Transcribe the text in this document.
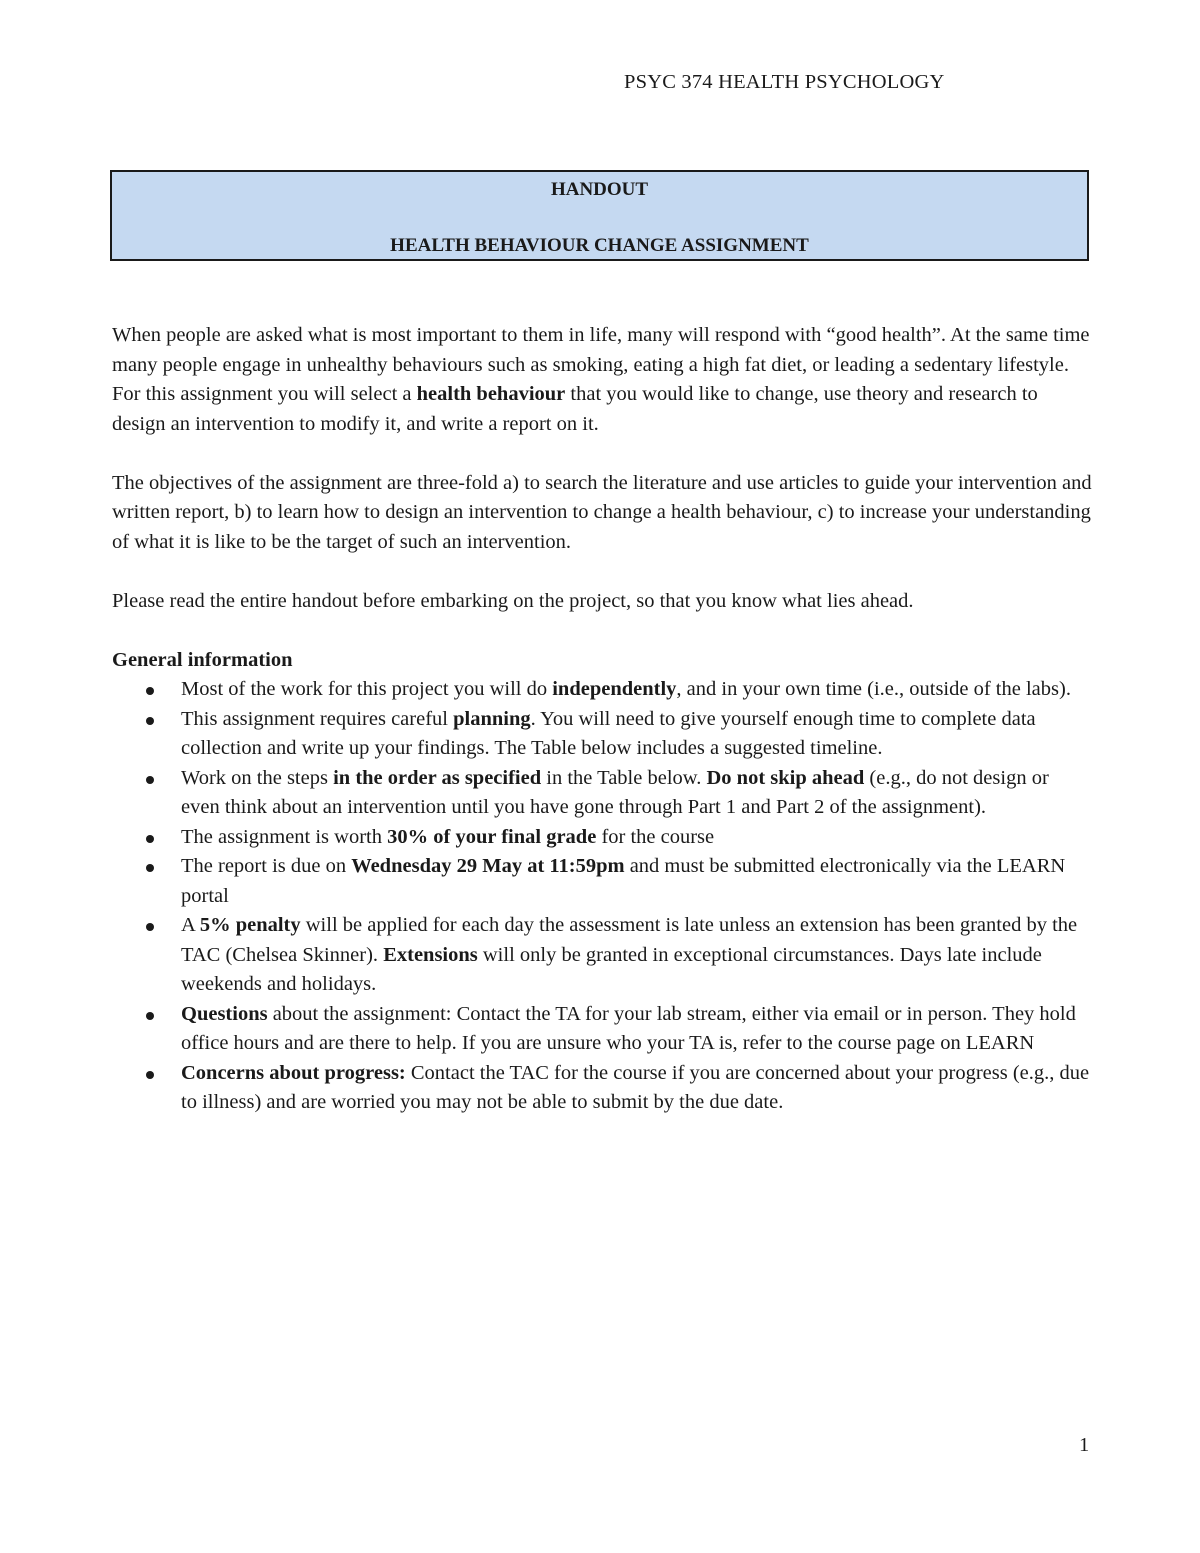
PSYC 374 HEALTH PSYCHOLOGY
HANDOUT
HEALTH BEHAVIOUR CHANGE ASSIGNMENT

When people are asked what is most important to them in life, many will respond with “good health”. At the same time many people engage in unhealthy behaviours such as smoking, eating a high fat diet, or leading a sedentary lifestyle. For this assignment you will select a health behaviour that you would like to change, use theory and research to design an intervention to modify it, and write a report on it.

The objectives of the assignment are three-fold a) to search the literature and use articles to guide your intervention and written report, b) to learn how to design an intervention to change a health behaviour, c) to increase your understanding of what it is like to be the target of such an intervention.

Please read the entire handout before embarking on the project, so that you know what lies ahead.

General information
Most of the work for this project you will do independently, and in your own time (i.e., outside of the labs).
This assignment requires careful planning. You will need to give yourself enough time to complete data collection and write up your findings. The Table below includes a suggested timeline.
Work on the steps in the order as specified in the Table below. Do not skip ahead (e.g., do not design or even think about an intervention until you have gone through Part 1 and Part 2 of the assignment).
The assignment is worth 30% of your final grade for the course
The report is due on Wednesday 29 May at 11:59pm and must be submitted electronically via the LEARN portal
A 5% penalty will be applied for each day the assessment is late unless an extension has been granted by the TAC (Chelsea Skinner). Extensions will only be granted in exceptional circumstances. Days late include weekends and holidays.
Questions about the assignment: Contact the TA for your lab stream, either via email or in person. They hold office hours and are there to help. If you are unsure who your TA is, refer to the course page on LEARN
Concerns about progress: Contact the TAC for the course if you are concerned about your progress (e.g., due to illness) and are worried you may not be able to submit by the due date.
1
